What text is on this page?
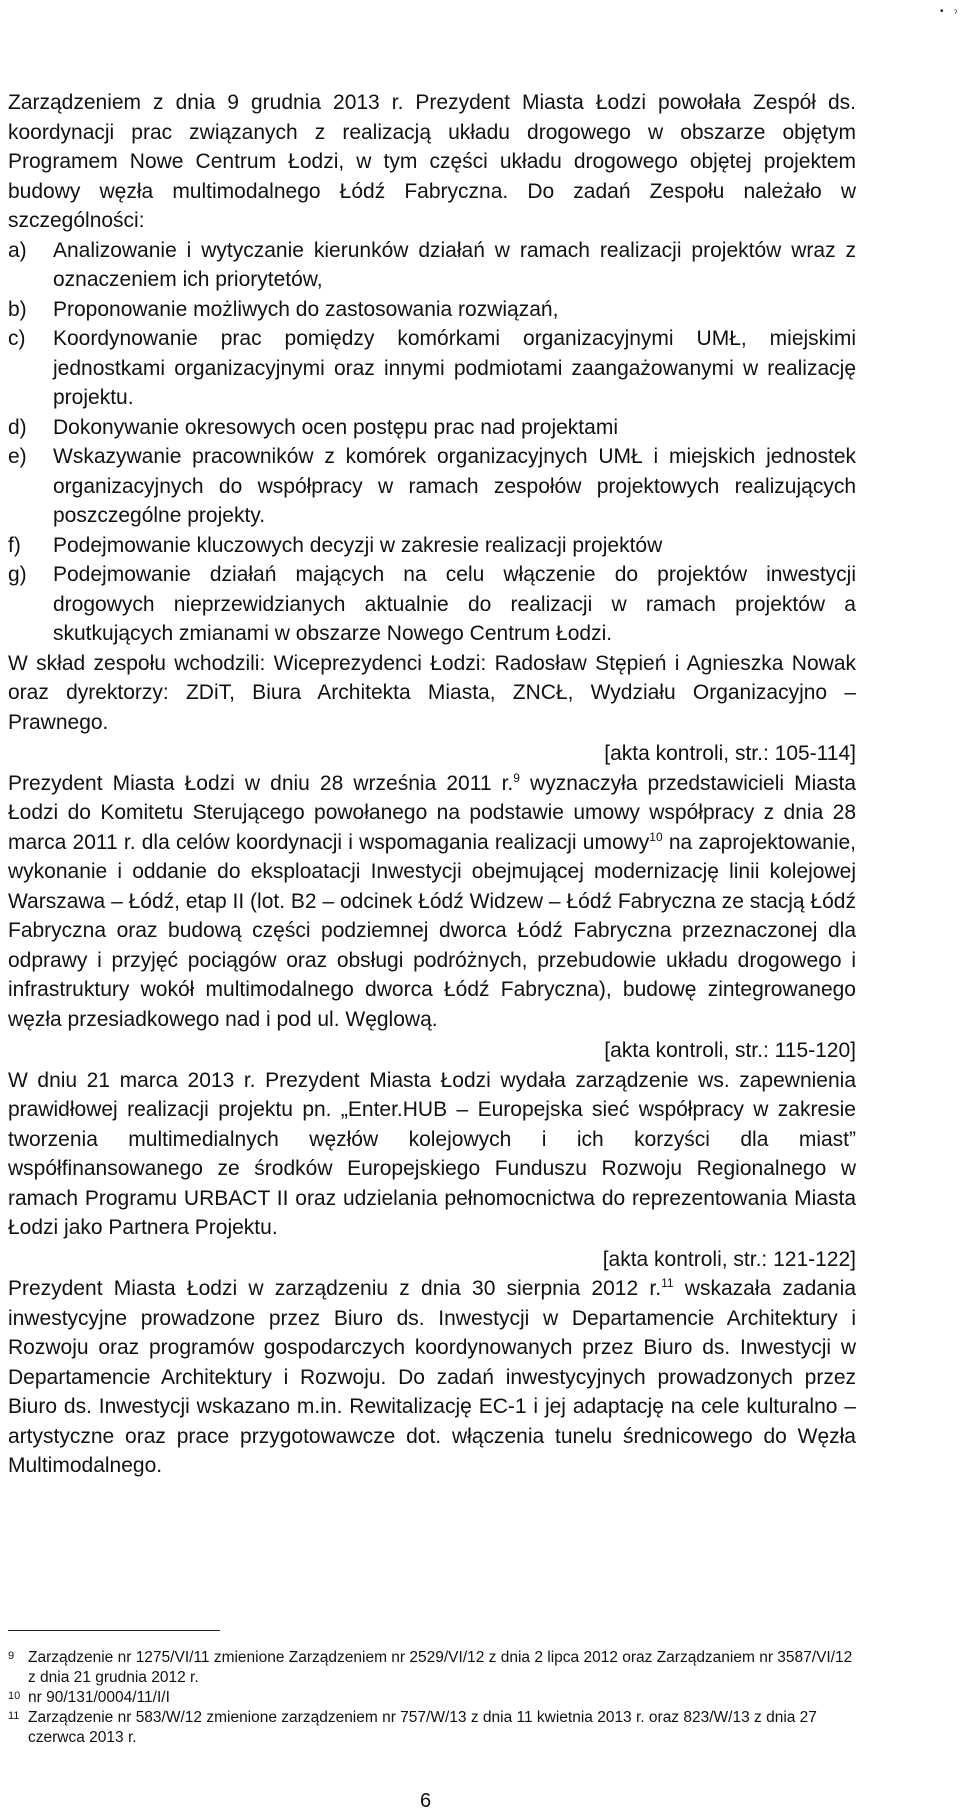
• ˀ

Zarządzeniem z dnia 9 grudnia 2013 r. Prezydent Miasta Łodzi powołała Zespół ds. koordynacji prac związanych z realizacją układu drogowego w obszarze objętym Programem Nowe Centrum Łodzi, w tym części układu drogowego objętej projektem budowy węzła multimodalnego Łódź Fabryczna. Do zadań Zespołu należało w szczególności:

a)	Analizowanie i wytyczanie kierunków działań w ramach realizacji projektów wraz z oznaczeniem ich priorytetów,
b)	Proponowanie możliwych do zastosowania rozwiązań,
c)	Koordynowanie prac pomiędzy komórkami organizacyjnymi UMŁ, miejskimi jednostkami organizacyjnymi oraz innymi podmiotami zaangażowanymi w realizację projektu.
d)	Dokonywanie okresowych ocen postępu prac nad projektami
e)	Wskazywanie pracowników z komórek organizacyjnych UMŁ i miejskich jednostek organizacyjnych do współpracy w ramach zespołów projektowych realizujących poszczególne projekty.
f)	Podejmowanie kluczowych decyzji w zakresie realizacji projektów
g)	Podejmowanie działań mających na celu włączenie do projektów inwestycji drogowych nieprzewidzianych aktualnie do realizacji w ramach projektów a skutkujących zmianami w obszarze Nowego Centrum Łodzi.

W skład zespołu wchodzili: Wiceprezydenci Łodzi: Radosław Stępień i Agnieszka Nowak oraz dyrektorzy: ZDiT, Biura Architekta Miasta, ZNCŁ, Wydziału Organizacyjno – Prawnego.

[akta kontroli, str.: 105-114]

Prezydent Miasta Łodzi w dniu 28 września 2011 r.$^9$ wyznaczyła przedstawicieli Miasta Łodzi do Komitetu Sterującego powołanego na podstawie umowy współpracy z dnia 28 marca 2011 r. dla celów koordynacji i wspomagania realizacji umowy$^{10}$ na zaprojektowanie, wykonanie i oddanie do eksploatacji Inwestycji obejmującej modernizację linii kolejowej Warszawa – Łódź, etap II (lot. B2 – odcinek Łódź Widzew – Łódź Fabryczna ze stacją Łódź Fabryczna oraz budową części podziemnej dworca Łódź Fabryczna przeznaczonej dla odprawy i przyjęć pociągów oraz obsługi podróżnych, przebudowie układu drogowego i infrastruktury wokół multimodalnego dworca Łódź Fabryczna), budowę zintegrowanego węzła przesiadkowego nad i pod ul. Węglową.

[akta kontroli, str.: 115-120]

W dniu 21 marca 2013 r. Prezydent Miasta Łodzi wydała zarządzenie ws. zapewnienia prawidłowej realizacji projektu pn. „Enter.HUB – Europejska sieć współpracy w zakresie tworzenia multimedialnych węzłów kolejowych i ich korzyści dla miast” współfinansowanego ze środków Europejskiego Funduszu Rozwoju Regionalnego w ramach Programu URBACT II oraz udzielania pełnomocnictwa do reprezentowania Miasta Łodzi jako Partnera Projektu.

[akta kontroli, str.: 121-122]

Prezydent Miasta Łodzi w zarządzeniu z dnia 30 sierpnia 2012 r.$^{11}$ wskazała zadania inwestycyjne prowadzone przez Biuro ds. Inwestycji w Departamencie Architektury i Rozwoju oraz programów gospodarczych koordynowanych przez Biuro ds. Inwestycji w Departamencie Architektury i Rozwoju. Do zadań inwestycyjnych prowadzonych przez Biuro ds. Inwestycji wskazano m.in. Rewitalizację EC-1 i jej adaptację na cele kulturalno – artystyczne oraz prace przygotowawcze dot. włączenia tunelu średnicowego do Węzła Multimodalnego.

9 Zarządzenie nr 1275/VI/11 zmienione Zarządzeniem nr 2529/VI/12 z dnia 2 lipca 2012 oraz Zarządzaniem nr 3587/VI/12 z dnia 21 grudnia 2012 r.
10 nr 90/131/0004/11/I/I
11 Zarządzenie nr 583/W/12 zmienione zarządzeniem nr 757/W/13 z dnia 11 kwietnia 2013 r. oraz 823/W/13 z dnia 27 czerwca 2013 r.
6
